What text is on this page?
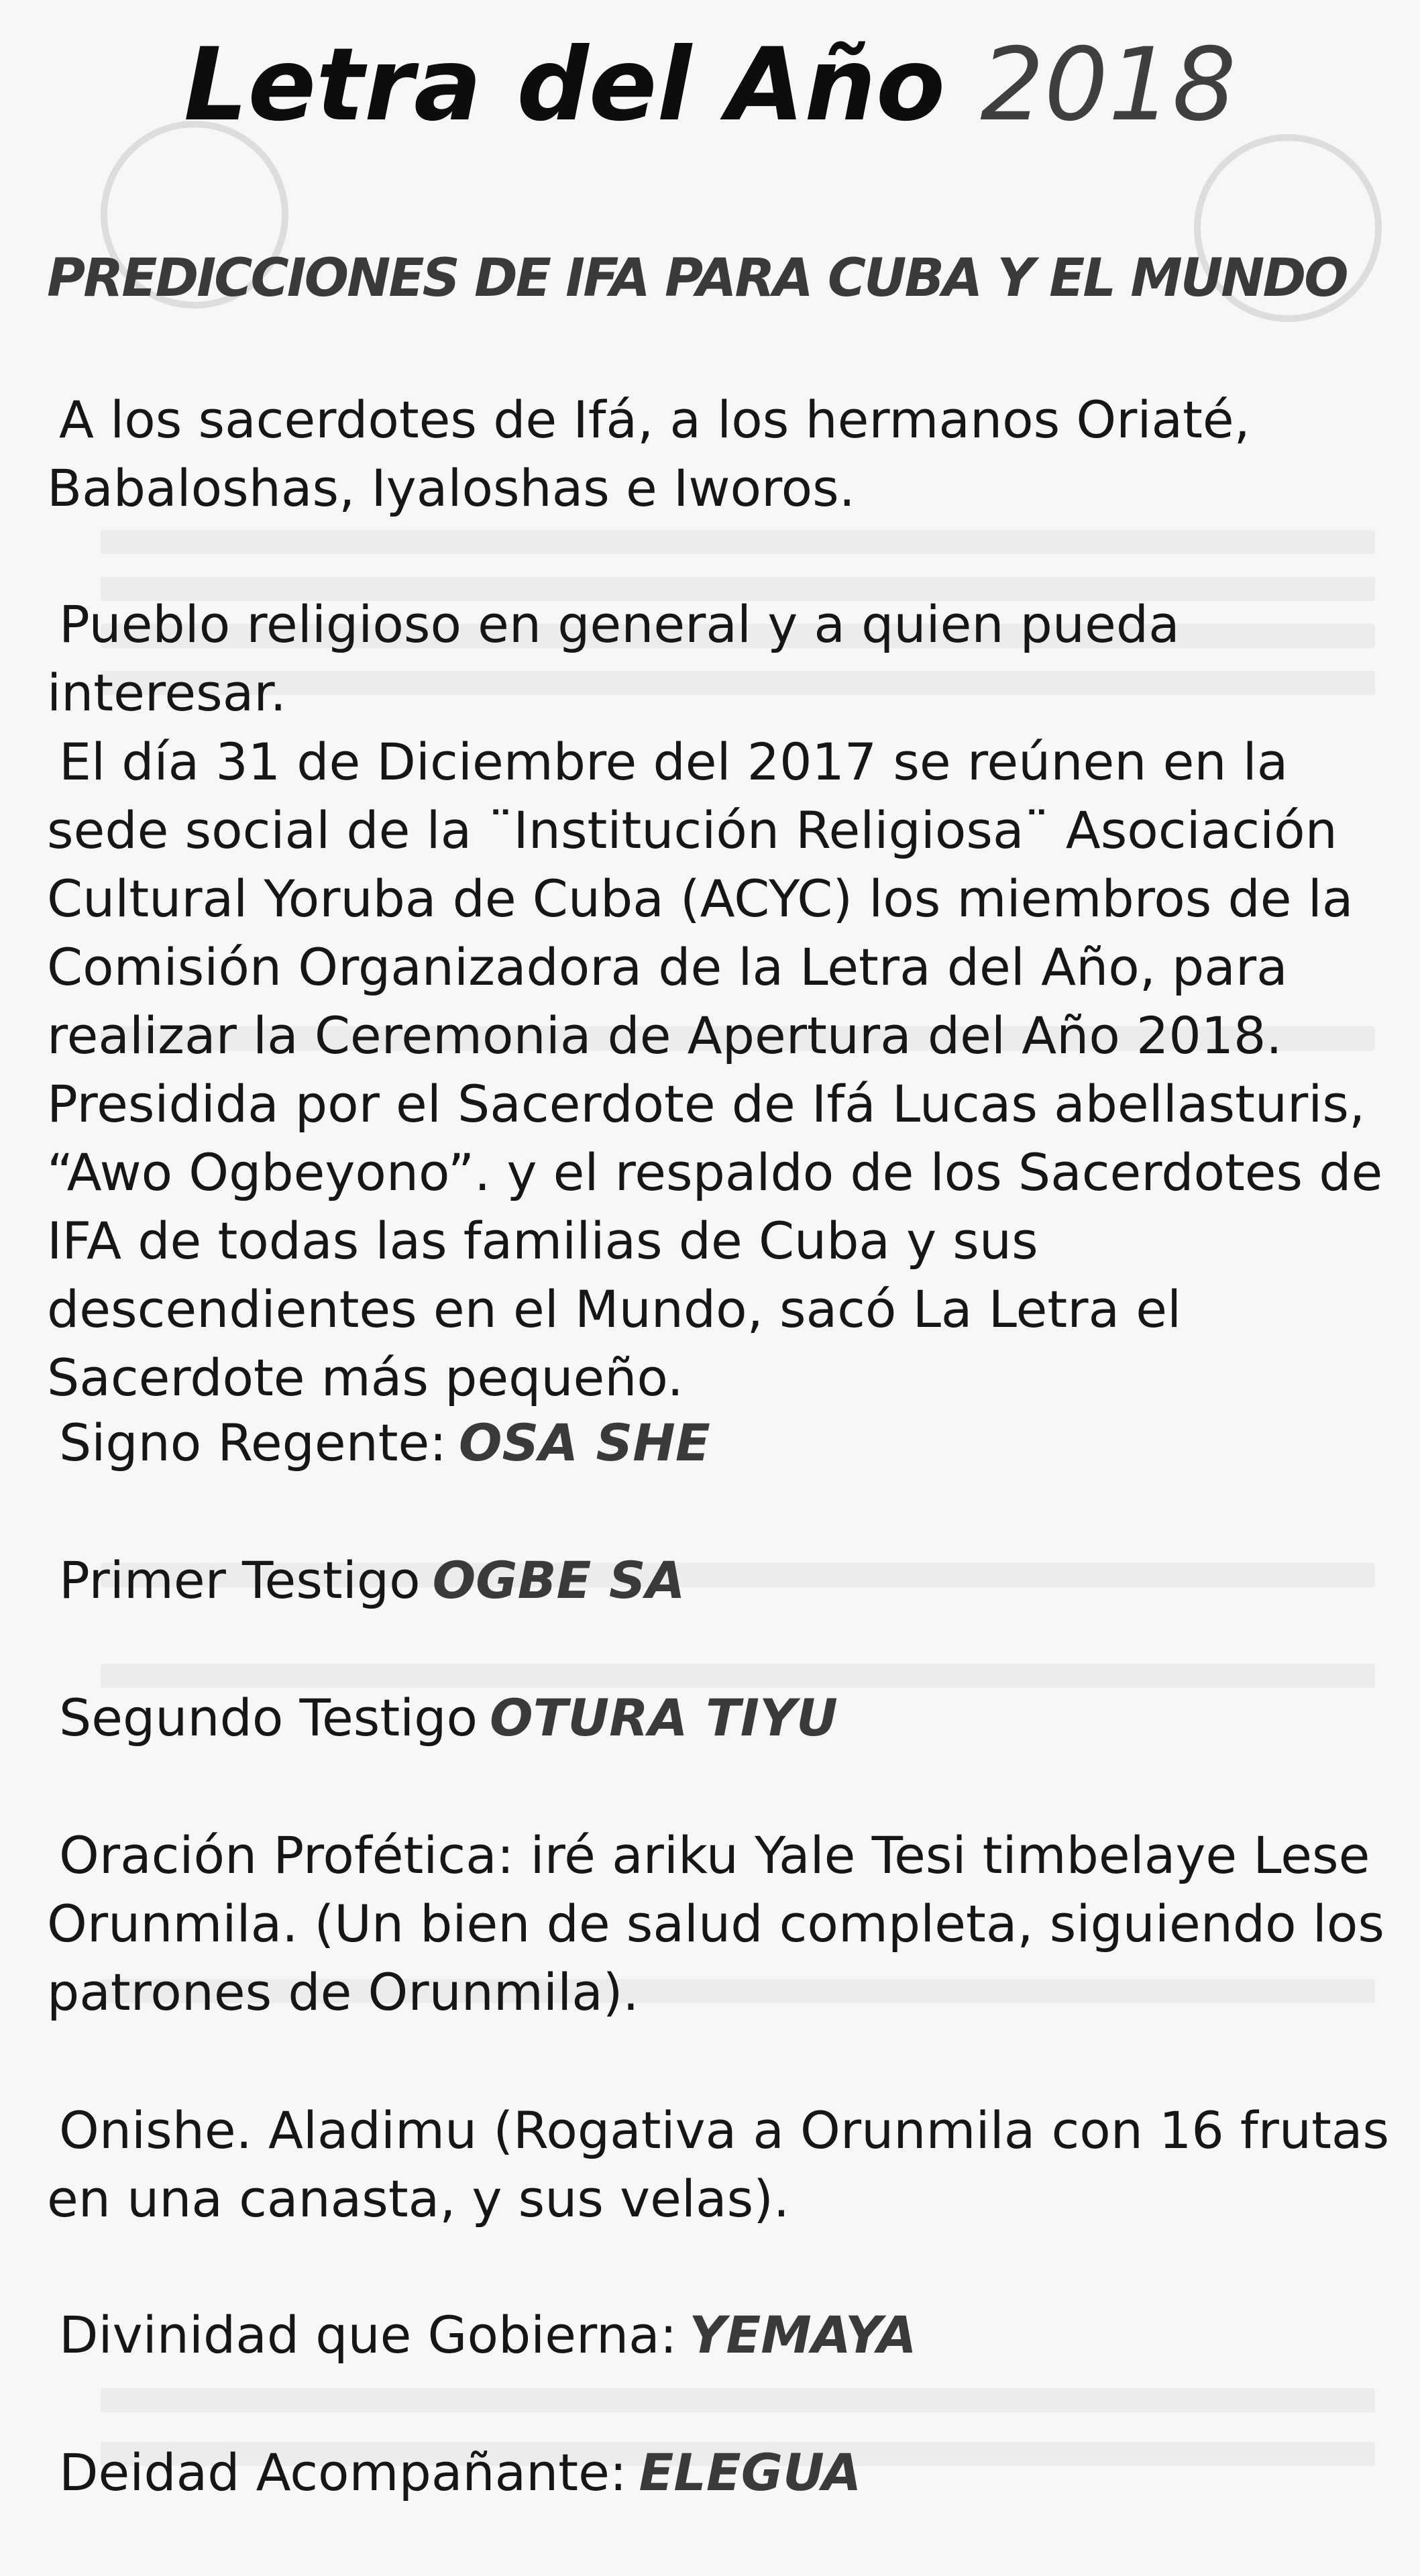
Letra del Año 2018
PREDICCIONES DE IFA PARA CUBA Y EL MUNDO
A los sacerdotes de Ifá, a los hermanos Oriaté, Babaloshas, Iyaloshas e Iworos.
Pueblo religioso en general y a quien pueda interesar.
El día 31 de Diciembre del 2017 se reúnen en la sede social de la ¨Institución Religiosa¨ Asociación Cultural Yoruba de Cuba (ACYC) los miembros de la Comisión Organizadora de la Letra del Año, para realizar la Ceremonia de Apertura del Año 2018. Presidida por el Sacerdote de Ifá Lucas abellasturis, “Awo Ogbeyono”. y el respaldo de los Sacerdotes de IFA de todas las familias de Cuba y sus descendientes en el Mundo, sacó La Letra el Sacerdote más pequeño.
Signo Regente: OSA SHE
Primer Testigo OGBE SA
Segundo Testigo OTURA TIYU
Oración Profética: iré ariku Yale Tesi timbelaye Lese Orunmila. (Un bien de salud completa, siguiendo los patrones de Orunmila).
Onishe. Aladimu (Rogativa a Orunmila con 16 frutas en una canasta, y sus velas).
Divinidad que Gobierna: YEMAYA
Deidad Acompañante: ELEGUA
